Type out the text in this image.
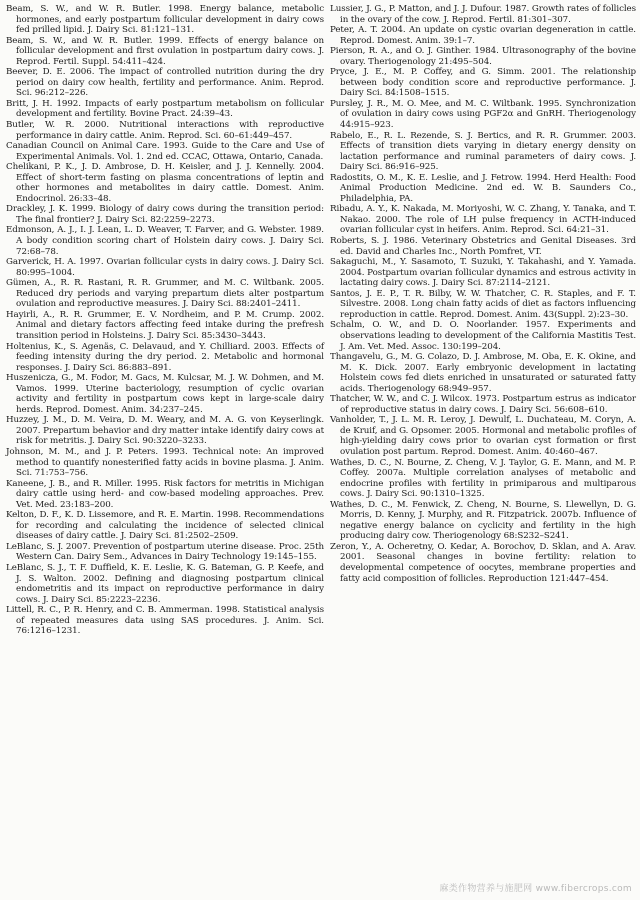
Beam, S. W., and W. R. Butler. 1998. Energy balance, metabolic hormones, and early postpartum follicular development in dairy cows fed prilled lipid. J. Dairy Sci. 81:121–131.

Beam, S. W., and W. R. Butler. 1999. Effects of energy balance on follicular development and first ovulation in postpartum dairy cows. J. Reprod. Fertil. Suppl. 54:411–424.

Beever, D. E. 2006. The impact of controlled nutrition during the dry period on dairy cow health, fertility and performance. Anim. Reprod. Sci. 96:212–226.

Britt, J. H. 1992. Impacts of early postpartum metabolism on follicular development and fertility. Bovine Pract. 24:39–43.

Butler, W. R. 2000. Nutritional interactions with reproductive performance in dairy cattle. Anim. Reprod. Sci. 60–61:449–457.

Canadian Council on Animal Care. 1993. Guide to the Care and Use of Experimental Animals. Vol. 1. 2nd ed. CCAC, Ottawa, Ontario, Canada.

Chelikani, P. K., J. D. Ambrose, D. H. Keisler, and J. J. Kennelly. 2004. Effect of short-term fasting on plasma concentrations of leptin and other hormones and metabolites in dairy cattle. Domest. Anim. Endocrinol. 26:33–48.

Drackley, J. K. 1999. Biology of dairy cows during the transition period: The final frontier? J. Dairy Sci. 82:2259–2273.

Edmonson, A. J., I. J. Lean, L. D. Weaver, T. Farver, and G. Webster. 1989. A body condition scoring chart of Holstein dairy cows. J. Dairy Sci. 72:68–78.

Garverick, H. A. 1997. Ovarian follicular cysts in dairy cows. J. Dairy Sci. 80:995–1004.

Gümen, A., R. R. Rastani, R. R. Grummer, and M. C. Wiltbank. 2005. Reduced dry periods and varying prepartum diets alter postpartum ovulation and reproductive measures. J. Dairy Sci. 88:2401–2411.

Hayirli, A., R. R. Grummer, E. V. Nordheim, and P. M. Crump. 2002. Animal and dietary factors affecting feed intake during the prefresh transition period in Holsteins. J. Dairy Sci. 85:3430–3443.

Holtenius, K., S. Agenäs, C. Delavaud, and Y. Chilliard. 2003. Effects of feeding intensity during the dry period. 2. Metabolic and hormonal responses. J. Dairy Sci. 86:883–891.

Huszenicza, G., M. Fodor, M. Gacs, M. Kulcsar, M. J. W. Dohmen, and M. Vamos. 1999. Uterine bacteriology, resumption of cyclic ovarian activity and fertility in postpartum cows kept in large-scale dairy herds. Reprod. Domest. Anim. 34:237–245.

Huzzey, J. M., D. M. Veira, D. M. Weary, and M. A. G. von Keyserlingk. 2007. Prepartum behavior and dry matter intake identify dairy cows at risk for metritis. J. Dairy Sci. 90:3220–3233.

Johnson, M. M., and J. P. Peters. 1993. Technical note: An improved method to quantify nonesterified fatty acids in bovine plasma. J. Anim. Sci. 71:753–756.

Kaneene, J. B., and R. Miller. 1995. Risk factors for metritis in Michigan dairy cattle using herd- and cow-based modeling approaches. Prev. Vet. Med. 23:183–200.

Kelton, D. F., K. D. Lissemore, and R. E. Martin. 1998. Recommendations for recording and calculating the incidence of selected clinical diseases of dairy cattle. J. Dairy Sci. 81:2502–2509.

LeBlanc, S. J. 2007. Prevention of postpartum uterine disease. Proc. 25th Western Can. Dairy Sem., Advances in Dairy Technology 19:145–155.

LeBlanc, S. J., T. F. Duffield, K. E. Leslie, K. G. Bateman, G. P. Keefe, and J. S. Walton. 2002. Defining and diagnosing postpartum clinical endometritis and its impact on reproductive performance in dairy cows. J. Dairy Sci. 85:2223–2236.

Littell, R. C., P. R. Henry, and C. B. Ammerman. 1998. Statistical analysis of repeated measures data using SAS procedures. J. Anim. Sci. 76:1216–1231.

Lussier, J. G., P. Matton, and J. J. Dufour. 1987. Growth rates of follicles in the ovary of the cow. J. Reprod. Fertil. 81:301–307.

Peter, A. T. 2004. An update on cystic ovarian degeneration in cattle. Reprod. Domest. Anim. 39:1–7.

Pierson, R. A., and O. J. Ginther. 1984. Ultrasonography of the bovine ovary. Theriogenology 21:495–504.

Pryce, J. E., M. P. Coffey, and G. Simm. 2001. The relationship between body condition score and reproductive performance. J. Dairy Sci. 84:1508–1515.

Pursley, J. R., M. O. Mee, and M. C. Wiltbank. 1995. Synchronization of ovulation in dairy cows using PGF2α and GnRH. Theriogenology 44:915–923.

Rabelo, E., R. L. Rezende, S. J. Bertics, and R. R. Grummer. 2003. Effects of transition diets varying in dietary energy density on lactation performance and ruminal parameters of dairy cows. J. Dairy Sci. 86:916–925.

Radostits, O. M., K. E. Leslie, and J. Fetrow. 1994. Herd Health: Food Animal Production Medicine. 2nd ed. W. B. Saunders Co., Philadelphia, PA.

Ribadu, A. Y., K. Nakada, M. Moriyoshi, W. C. Zhang, Y. Tanaka, and T. Nakao. 2000. The role of LH pulse frequency in ACTH-induced ovarian follicular cyst in heifers. Anim. Reprod. Sci. 64:21–31.

Roberts, S. J. 1986. Veterinary Obstetrics and Genital Diseases. 3rd ed. David and Charles Inc., North Pomfret, VT.

Sakaguchi, M., Y. Sasamoto, T. Suzuki, Y. Takahashi, and Y. Yamada. 2004. Postpartum ovarian follicular dynamics and estrous activity in lactating dairy cows. J. Dairy Sci. 87:2114–2121.

Santos, J. E. P., T. R. Bilby, W. W. Thatcher, C. R. Staples, and F. T. Silvestre. 2008. Long chain fatty acids of diet as factors influencing reproduction in cattle. Reprod. Domest. Anim. 43(Suppl. 2):23–30.

Schalm, O. W., and D. O. Noorlander. 1957. Experiments and observations leading to development of the California Mastitis Test. J. Am. Vet. Med. Assoc. 130:199–204.

Thangavelu, G., M. G. Colazo, D. J. Ambrose, M. Oba, E. K. Okine, and M. K. Dick. 2007. Early embryonic development in lactating Holstein cows fed diets enriched in unsaturated or saturated fatty acids. Theriogenology 68:949–957.

Thatcher, W. W., and C. J. Wilcox. 1973. Postpartum estrus as indicator of reproductive status in dairy cows. J. Dairy Sci. 56:608–610.

Vanholder, T., J. L. M. R. Leroy, J. Dewulf, L. Duchateau, M. Coryn, A. de Kruif, and G. Opsomer. 2005. Hormonal and metabolic profiles of high-yielding dairy cows prior to ovarian cyst formation or first ovulation post partum. Reprod. Domest. Anim. 40:460–467.

Wathes, D. C., N. Bourne, Z. Cheng, V. J. Taylor, G. E. Mann, and M. P. Coffey. 2007a. Multiple correlation analyses of metabolic and endocrine profiles with fertility in primiparous and multiparous cows. J. Dairy Sci. 90:1310–1325.

Wathes, D. C., M. Fenwick, Z. Cheng, N. Bourne, S. Llewellyn, D. G. Morris, D. Kenny, J. Murphy, and R. Fitzpatrick. 2007b. Influence of negative energy balance on cyclicity and fertility in the high producing dairy cow. Theriogenology 68:S232–S241.

Zeron, Y., A. Ocheretny, O. Kedar, A. Borochov, D. Sklan, and A. Arav. 2001. Seasonal changes in bovine fertility: relation to developmental competence of oocytes, membrane properties and fatty acid composition of follicles. Reproduction 121:447–454.

麻类作物营养与施肥网 www.fibercrops.com
